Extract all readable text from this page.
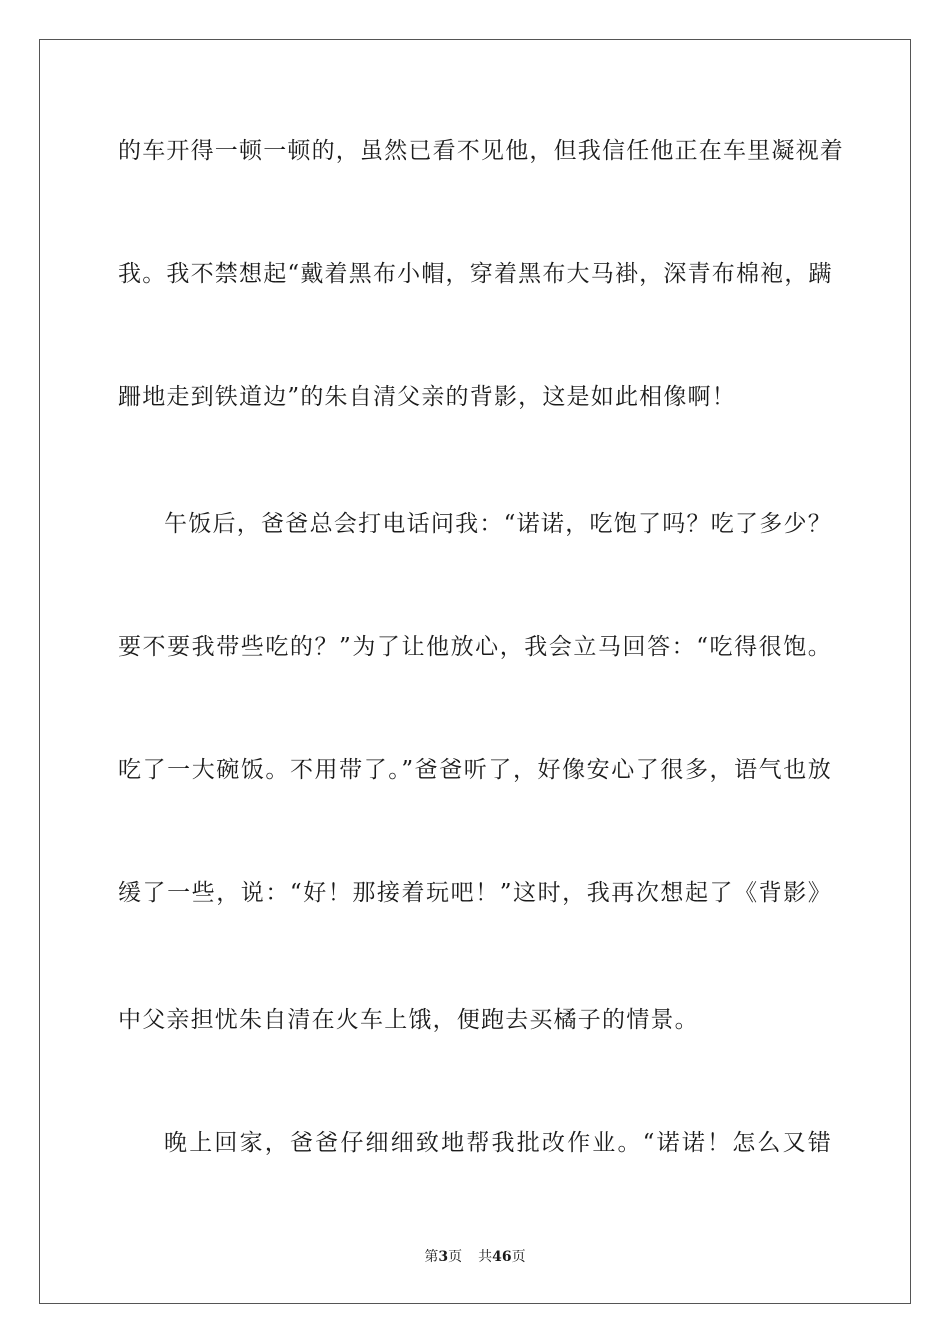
的车开得一顿一顿的，虽然已看不见他，但我信任他正在车里凝视着
我。我不禁想起“戴着黑布小帽，穿着黑布大马褂，深青布棉袍，蹒
跚地走到铁道边”的朱自清父亲的背影，这是如此相像啊！
午饭后，爸爸总会打电话问我：“诺诺，吃饱了吗？吃了多少？
要不要我带些吃的？”为了让他放心，我会立马回答：“吃得很饱。
吃了一大碗饭。不用带了。”爸爸听了，好像安心了很多，语气也放
缓了一些，说：“好！那接着玩吧！”这时，我再次想起了《背影》
中父亲担忧朱自清在火车上饿，便跑去买橘子的情景。
晚上回家，爸爸仔细细致地帮我批改作业。“诺诺！怎么又错
第3页 共46页
